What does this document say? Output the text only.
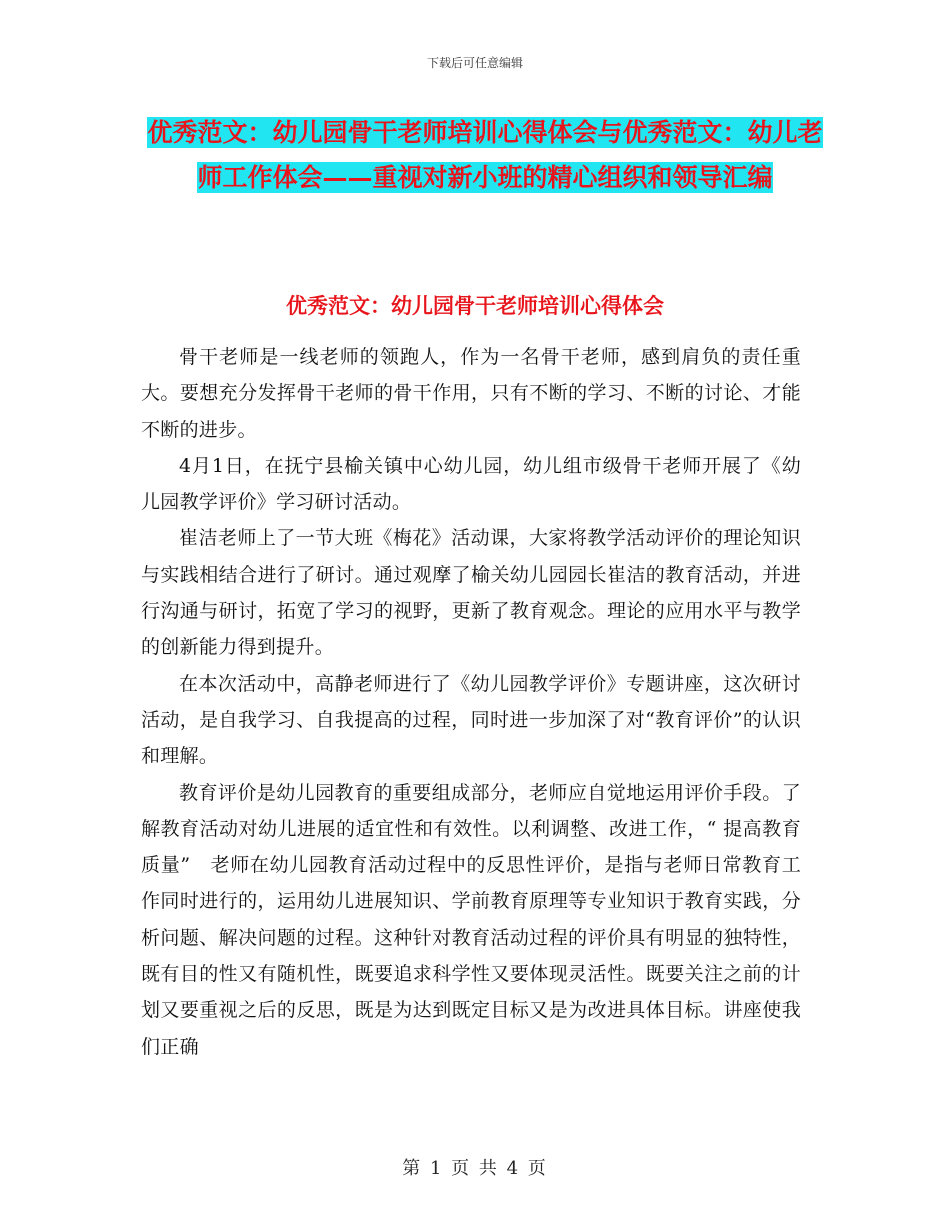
下载后可任意编辑
优秀范文：幼儿园骨干老师培训心得体会与优秀范文：幼儿老师工作体会——重视对新小班的精心组织和领导汇编
优秀范文：幼儿园骨干老师培训心得体会

骨干老师是一线老师的领跑人，作为一名骨干老师，感到肩负的责任重大。要想充分发挥骨干老师的骨干作用，只有不断的学习、不断的讨论、才能不断的进步。

4月1日，在抚宁县榆关镇中心幼儿园，幼儿组市级骨干老师开展了《幼儿园教学评价》学习研讨活动。

崔洁老师上了一节大班《梅花》活动课，大家将教学活动评价的理论知识与实践相结合进行了研讨。通过观摩了榆关幼儿园园长崔洁的教育活动，并进行沟通与研讨，拓宽了学习的视野，更新了教育观念。理论的应用水平与教学的创新能力得到提升。

在本次活动中，高静老师进行了《幼儿园教学评价》专题讲座，这次研讨活动，是自我学习、自我提高的过程，同时进一步加深了对“教育评价”的认识和理解。

教育评价是幼儿园教育的重要组成部分，老师应自觉地运用评价手段。了解教育活动对幼儿进展的适宜性和有效性。以利调整、改进工作，“ 提高教育质量”　老师在幼儿园教育活动过程中的反思性评价，是指与老师日常教育工作同时进行的，运用幼儿进展知识、学前教育原理等专业知识于教育实践，分析问题、解决问题的过程。这种针对教育活动过程的评价具有明显的独特性，既有目的性又有随机性，既要追求科学性又要体现灵活性。既要关注之前的计划又要重视之后的反思，既是为达到既定目标又是为改进具体目标。讲座使我们正确

第 1 页 共 4 页
